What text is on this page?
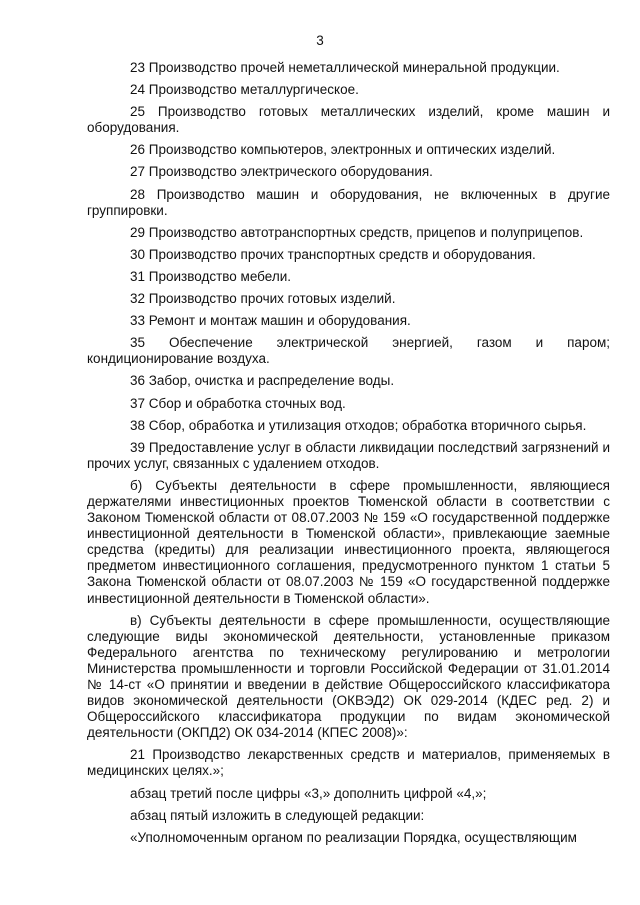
3

23 Производство прочей неметаллической минеральной продукции.

24 Производство металлургическое.

25 Производство готовых металлических изделий, кроме машин и оборудования.

26 Производство компьютеров, электронных и оптических изделий.

27 Производство электрического оборудования.

28 Производство машин и оборудования, не включенных в другие группировки.

29 Производство автотранспортных средств, прицепов и полуприцепов.

30 Производство прочих транспортных средств и оборудования.

31 Производство мебели.

32 Производство прочих готовых изделий.

33 Ремонт и монтаж машин и оборудования.

35 Обеспечение электрической энергией, газом и паром; кондиционирование воздуха.

36 Забор, очистка и распределение воды.

37 Сбор и обработка сточных вод.

38 Сбор, обработка и утилизация отходов; обработка вторичного сырья.

39 Предоставление услуг в области ликвидации последствий загрязнений и прочих услуг, связанных с удалением отходов.

б) Субъекты деятельности в сфере промышленности, являющиеся держателями инвестиционных проектов Тюменской области в соответствии с Законом Тюменской области от 08.07.2003 № 159 «О государственной поддержке инвестиционной деятельности в Тюменской области», привлекающие заемные средства (кредиты) для реализации инвестиционного проекта, являющегося предметом инвестиционного соглашения, предусмотренного пунктом 1 статьи 5 Закона Тюменской области от 08.07.2003 № 159 «О государственной поддержке инвестиционной деятельности в Тюменской области».

в) Субъекты деятельности в сфере промышленности, осуществляющие следующие виды экономической деятельности, установленные приказом Федерального агентства по техническому регулированию и метрологии Министерства промышленности и торговли Российской Федерации от 31.01.2014 № 14-ст «О принятии и введении в действие Общероссийского классификатора видов экономической деятельности (ОКВЭД2) ОК 029-2014 (КДЕС ред. 2) и Общероссийского классификатора продукции по видам экономической деятельности (ОКПД2) ОК 034-2014 (КПЕС 2008)»:

21 Производство лекарственных средств и материалов, применяемых в медицинских целях.»;

абзац третий после цифры «3,» дополнить цифрой «4,»;

абзац пятый изложить в следующей редакции:

«Уполномоченным органом по реализации Порядка, осуществляющим
